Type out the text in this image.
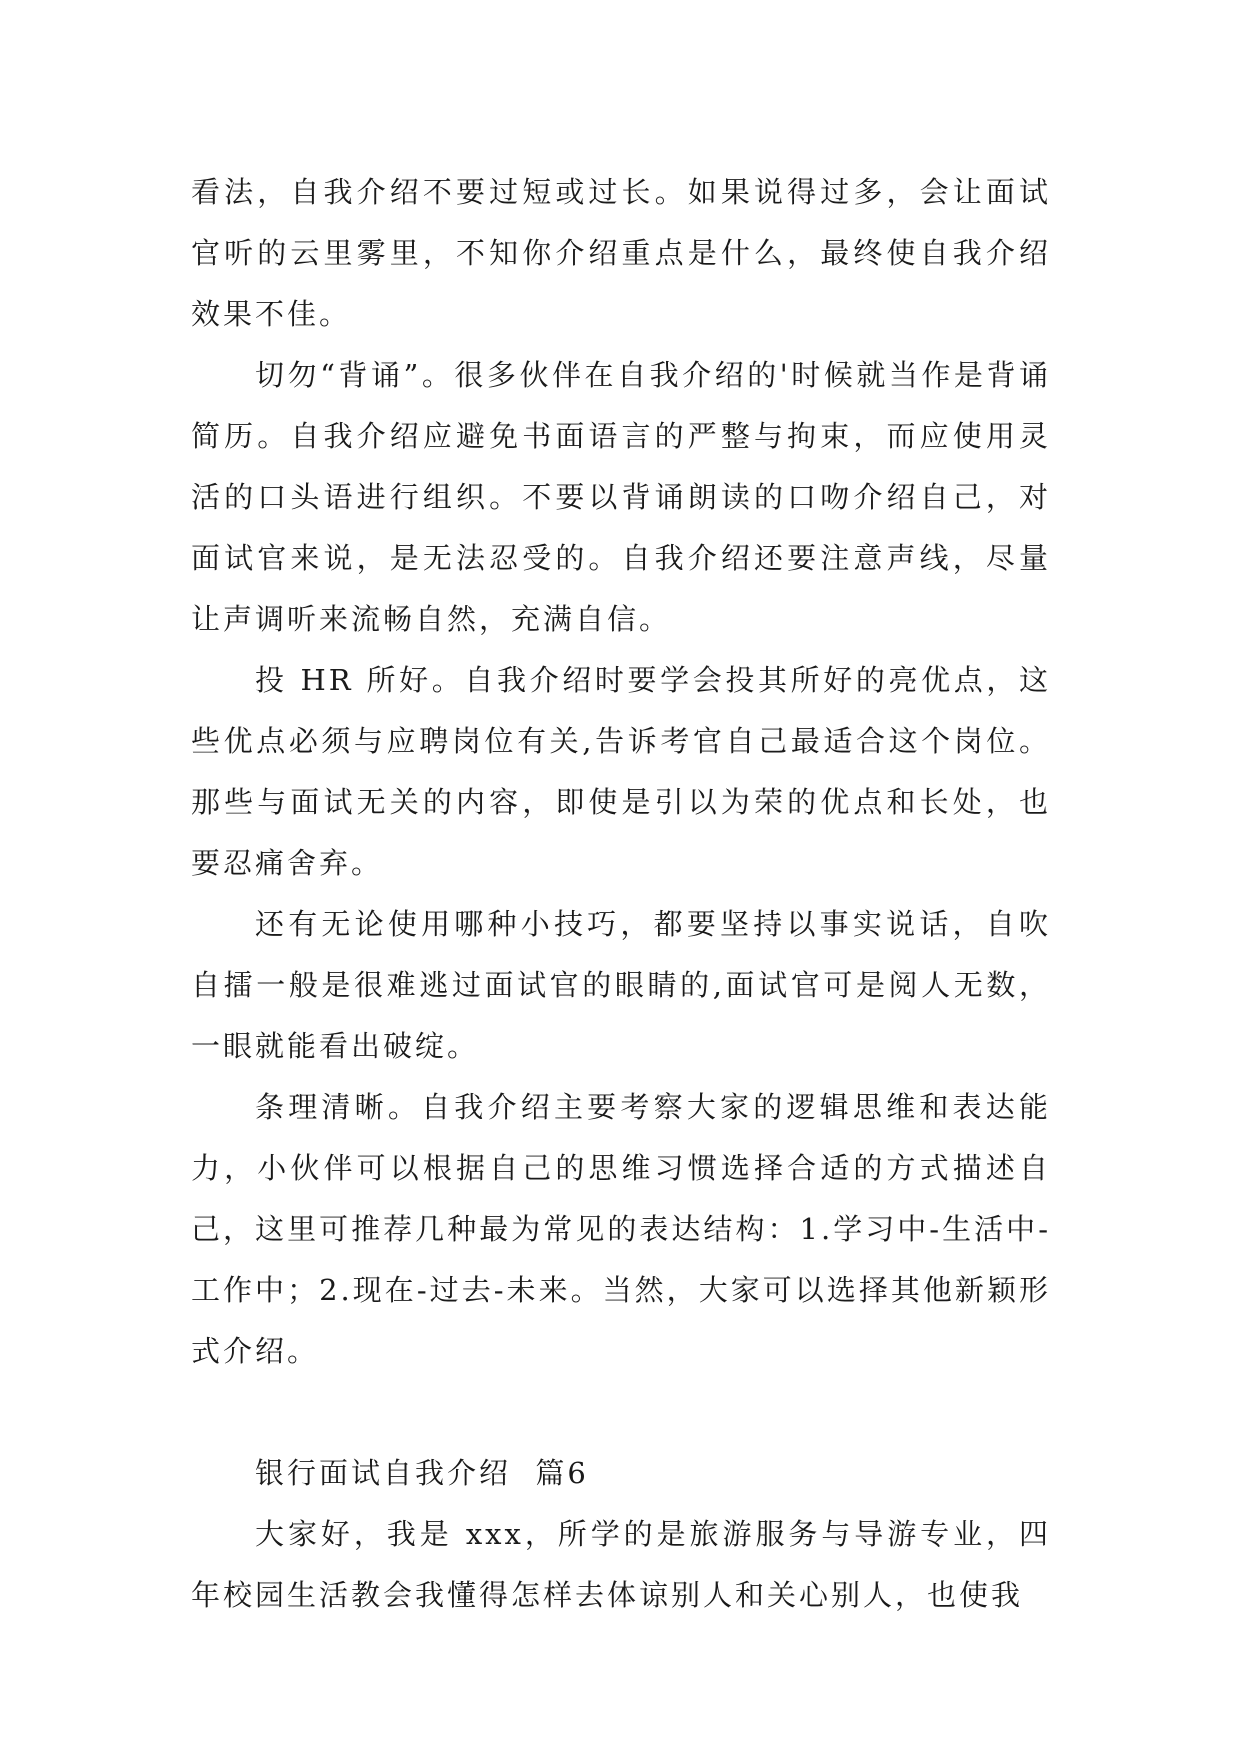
看法，自我介绍不要过短或过长。如果说得过多，会让面试官听的云里雾里，不知你介绍重点是什么，最终使自我介绍效果不佳。

切勿“背诵”。很多伙伴在自我介绍的'时候就当作是背诵简历。自我介绍应避免书面语言的严整与拘束，而应使用灵活的口头语进行组织。不要以背诵朗读的口吻介绍自己，对面试官来说，是无法忍受的。自我介绍还要注意声线，尽量让声调听来流畅自然，充满自信。

投 HR 所好。自我介绍时要学会投其所好的亮优点，这些优点必须与应聘岗位有关,告诉考官自己最适合这个岗位。那些与面试无关的内容，即使是引以为荣的优点和长处，也要忍痛舍弃。

还有无论使用哪种小技巧，都要坚持以事实说话，自吹自擂一般是很难逃过面试官的眼睛的,面试官可是阅人无数，一眼就能看出破绽。

条理清晰。自我介绍主要考察大家的逻辑思维和表达能力，小伙伴可以根据自己的思维习惯选择合适的方式描述自己，这里可推荐几种最为常见的表达结构：1.学习中-生活中-工作中；2.现在-过去-未来。当然，大家可以选择其他新颖形式介绍。

银行面试自我介绍  篇6

大家好，我是 xxx，所学的是旅游服务与导游专业，四年校园生活教会我懂得怎样去体谅别人和关心别人，也使我
